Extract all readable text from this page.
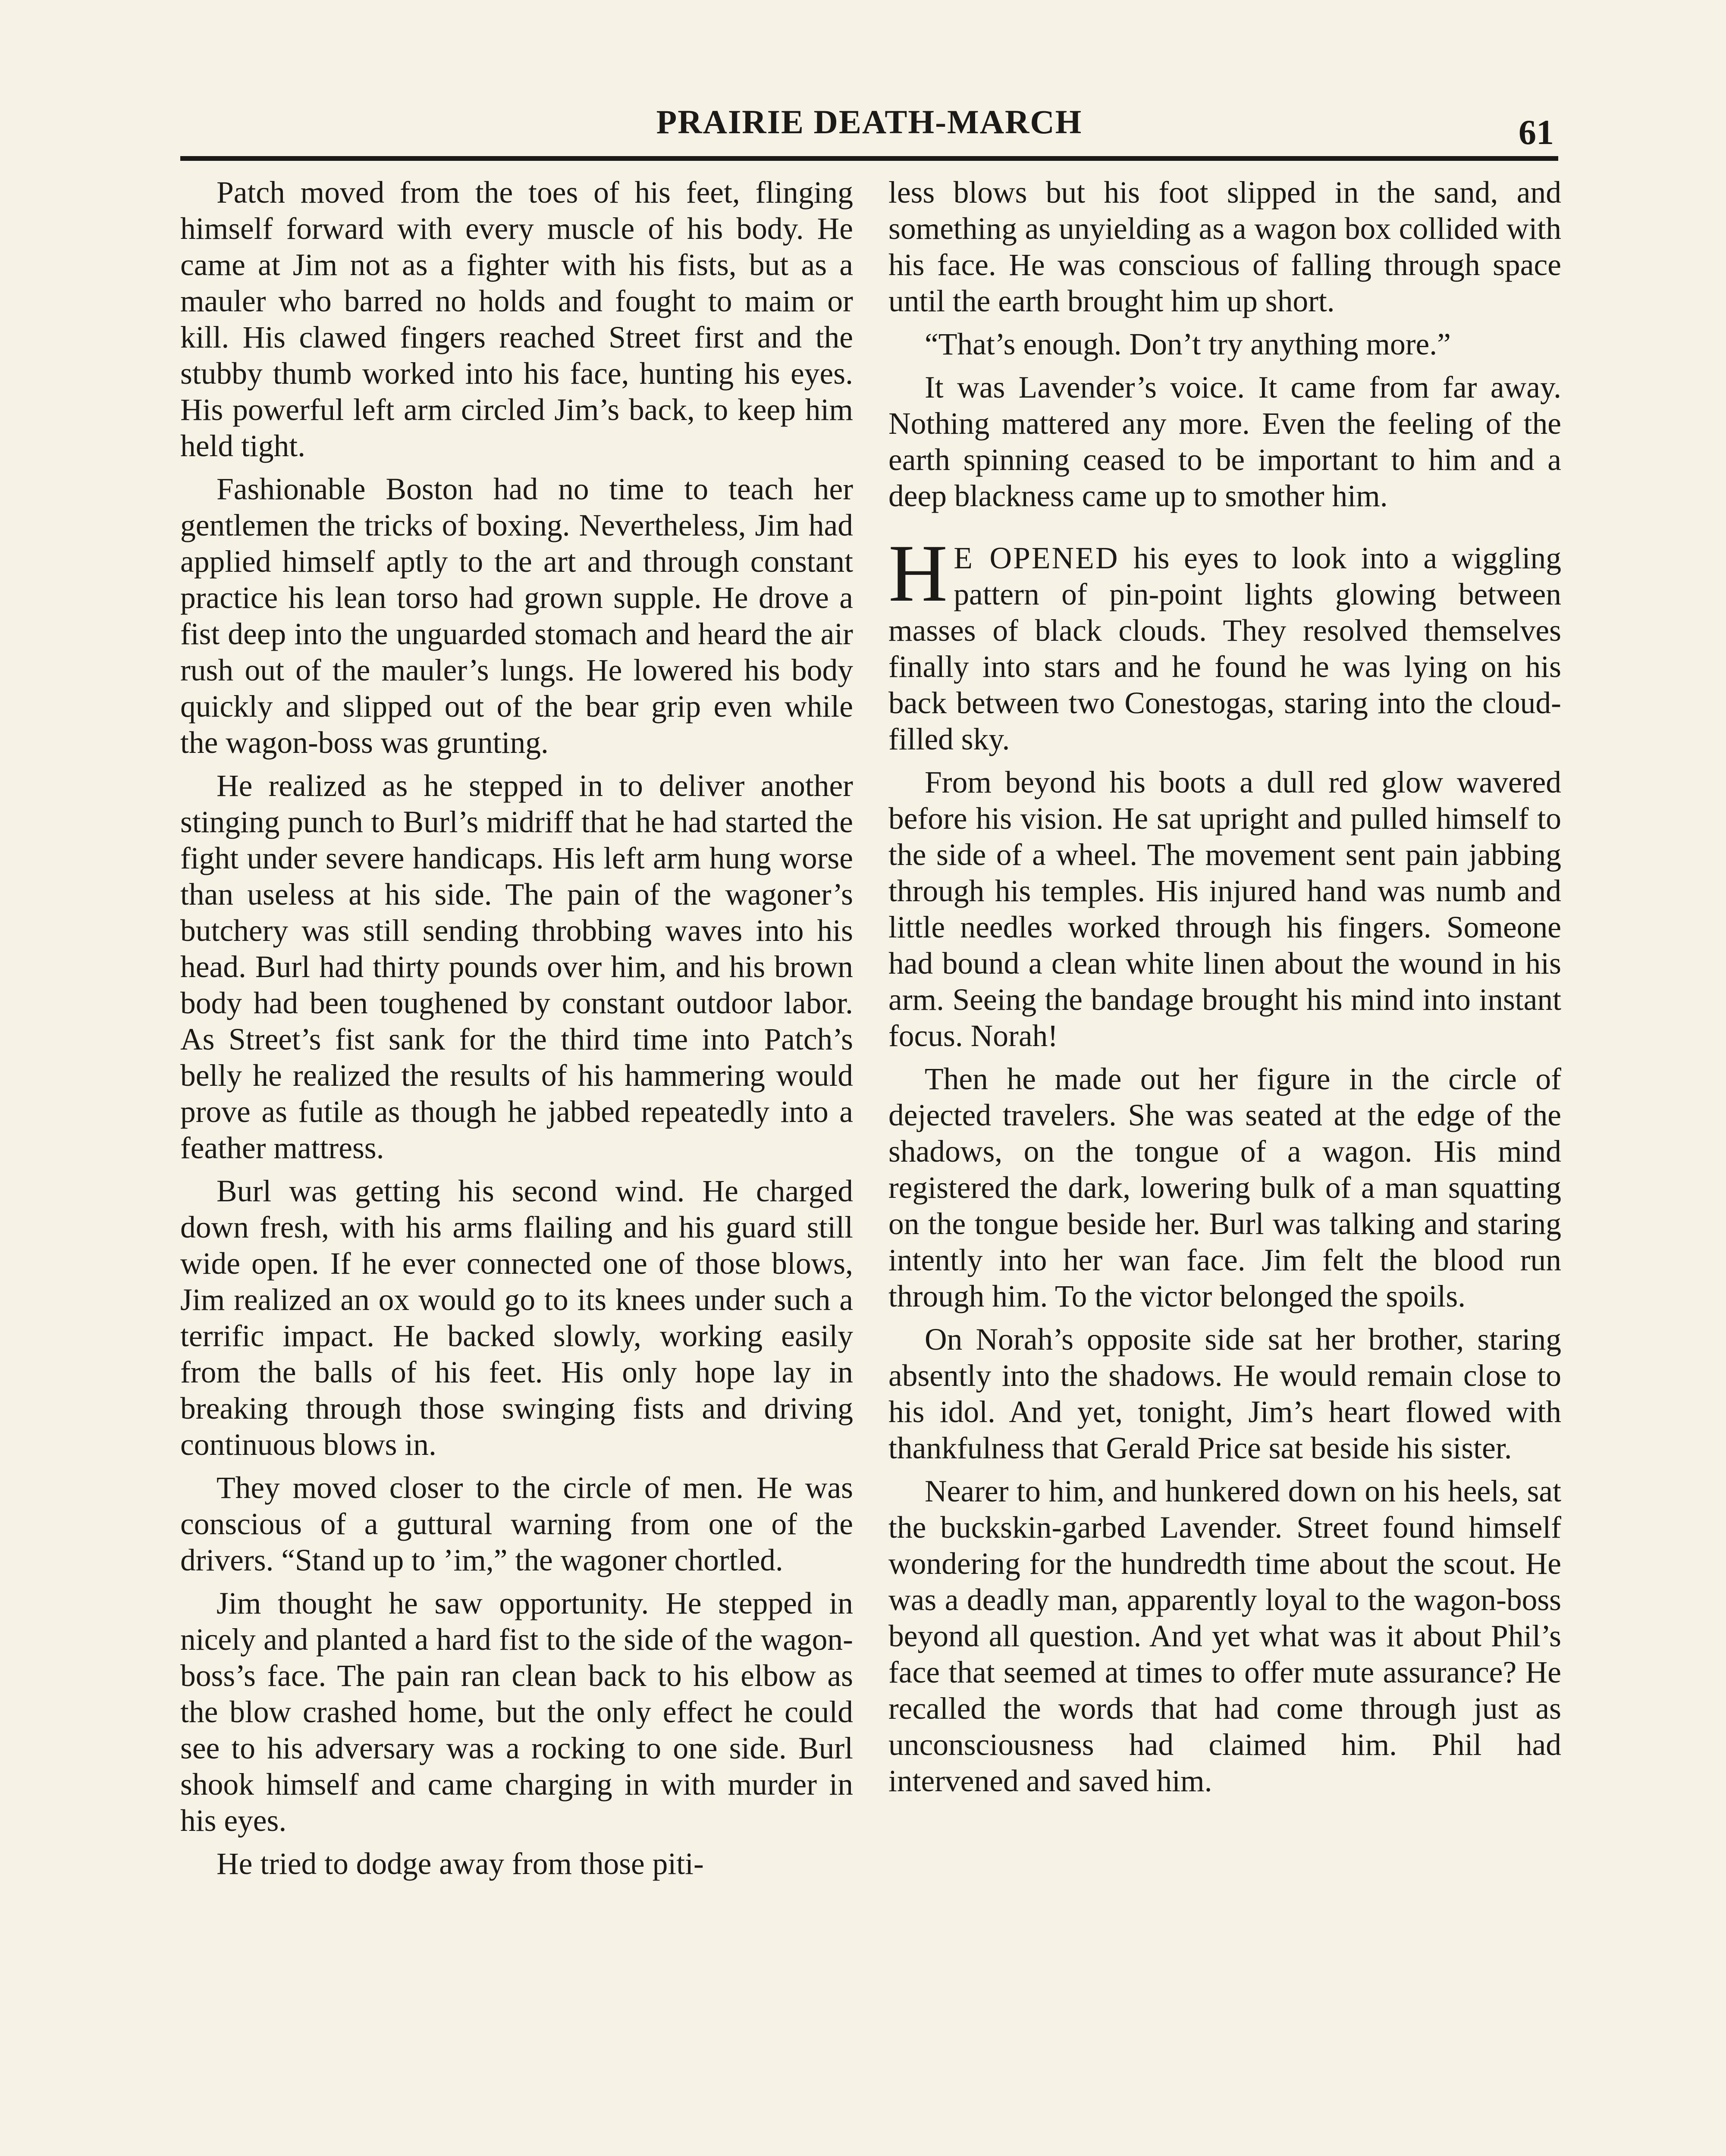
PRAIRIE DEATH-MARCH	61

Patch moved from the toes of his feet, flinging himself forward with every muscle of his body. He came at Jim not as a fighter with his fists, but as a mauler who barred no holds and fought to maim or kill. His clawed fingers reached Street first and the stubby thumb worked into his face, hunting his eyes. His powerful left arm circled Jim’s back, to keep him held tight.

Fashionable Boston had no time to teach her gentlemen the tricks of boxing. Nevertheless, Jim had applied himself aptly to the art and through constant practice his lean torso had grown supple. He drove a fist deep into the unguarded stomach and heard the air rush out of the mauler’s lungs. He lowered his body quickly and slipped out of the bear grip even while the wagon-boss was grunting.

He realized as he stepped in to deliver another stinging punch to Burl’s midriff that he had started the fight under severe handicaps. His left arm hung worse than useless at his side. The pain of the wagoner’s butchery was still sending throbbing waves into his head. Burl had thirty pounds over him, and his brown body had been toughened by constant outdoor labor. As Street’s fist sank for the third time into Patch’s belly he realized the results of his hammering would prove as futile as though he jabbed repeatedly into a feather mattress.

Burl was getting his second wind. He charged down fresh, with his arms flailing and his guard still wide open. If he ever connected one of those blows, Jim realized an ox would go to its knees under such a terrific impact. He backed slowly, working easily from the balls of his feet. His only hope lay in breaking through those swinging fists and driving continuous blows in.

They moved closer to the circle of men. He was conscious of a guttural warning from one of the drivers. “Stand up to ’im,” the wagoner chortled.

Jim thought he saw opportunity. He stepped in nicely and planted a hard fist to the side of the wagon-boss’s face. The pain ran clean back to his elbow as the blow crashed home, but the only effect he could see to his adversary was a rocking to one side. Burl shook himself and came charging in with murder in his eyes.

He tried to dodge away from those piti-

less blows but his foot slipped in the sand, and something as unyielding as a wagon box collided with his face. He was conscious of falling through space until the earth brought him up short.

“That’s enough. Don’t try anything more.”

It was Lavender’s voice. It came from far away. Nothing mattered any more. Even the feeling of the earth spinning ceased to be important to him and a deep blackness came up to smother him.

H E OPENED his eyes to look into a wiggling pattern of pin-point lights glowing between masses of black clouds. They resolved themselves finally into stars and he found he was lying on his back between two Conestogas, staring into the cloud-filled sky.

From beyond his boots a dull red glow wavered before his vision. He sat upright and pulled himself to the side of a wheel. The movement sent pain jabbing through his temples. His injured hand was numb and little needles worked through his fingers. Someone had bound a clean white linen about the wound in his arm. Seeing the bandage brought his mind into instant focus. Norah!

Then he made out her figure in the circle of dejected travelers. She was seated at the edge of the shadows, on the tongue of a wagon. His mind registered the dark, lowering bulk of a man squatting on the tongue beside her. Burl was talking and staring intently into her wan face. Jim felt the blood run through him. To the victor belonged the spoils.

On Norah’s opposite side sat her brother, staring absently into the shadows. He would remain close to his idol. And yet, tonight, Jim’s heart flowed with thankfulness that Gerald Price sat beside his sister.

Nearer to him, and hunkered down on his heels, sat the buckskin-garbed Lavender. Street found himself wondering for the hundredth time about the scout. He was a deadly man, apparently loyal to the wagon-boss beyond all question. And yet what was it about Phil’s face that seemed at times to offer mute assurance? He recalled the words that had come through just as unconsciousness had claimed him. Phil had intervened and saved him.
